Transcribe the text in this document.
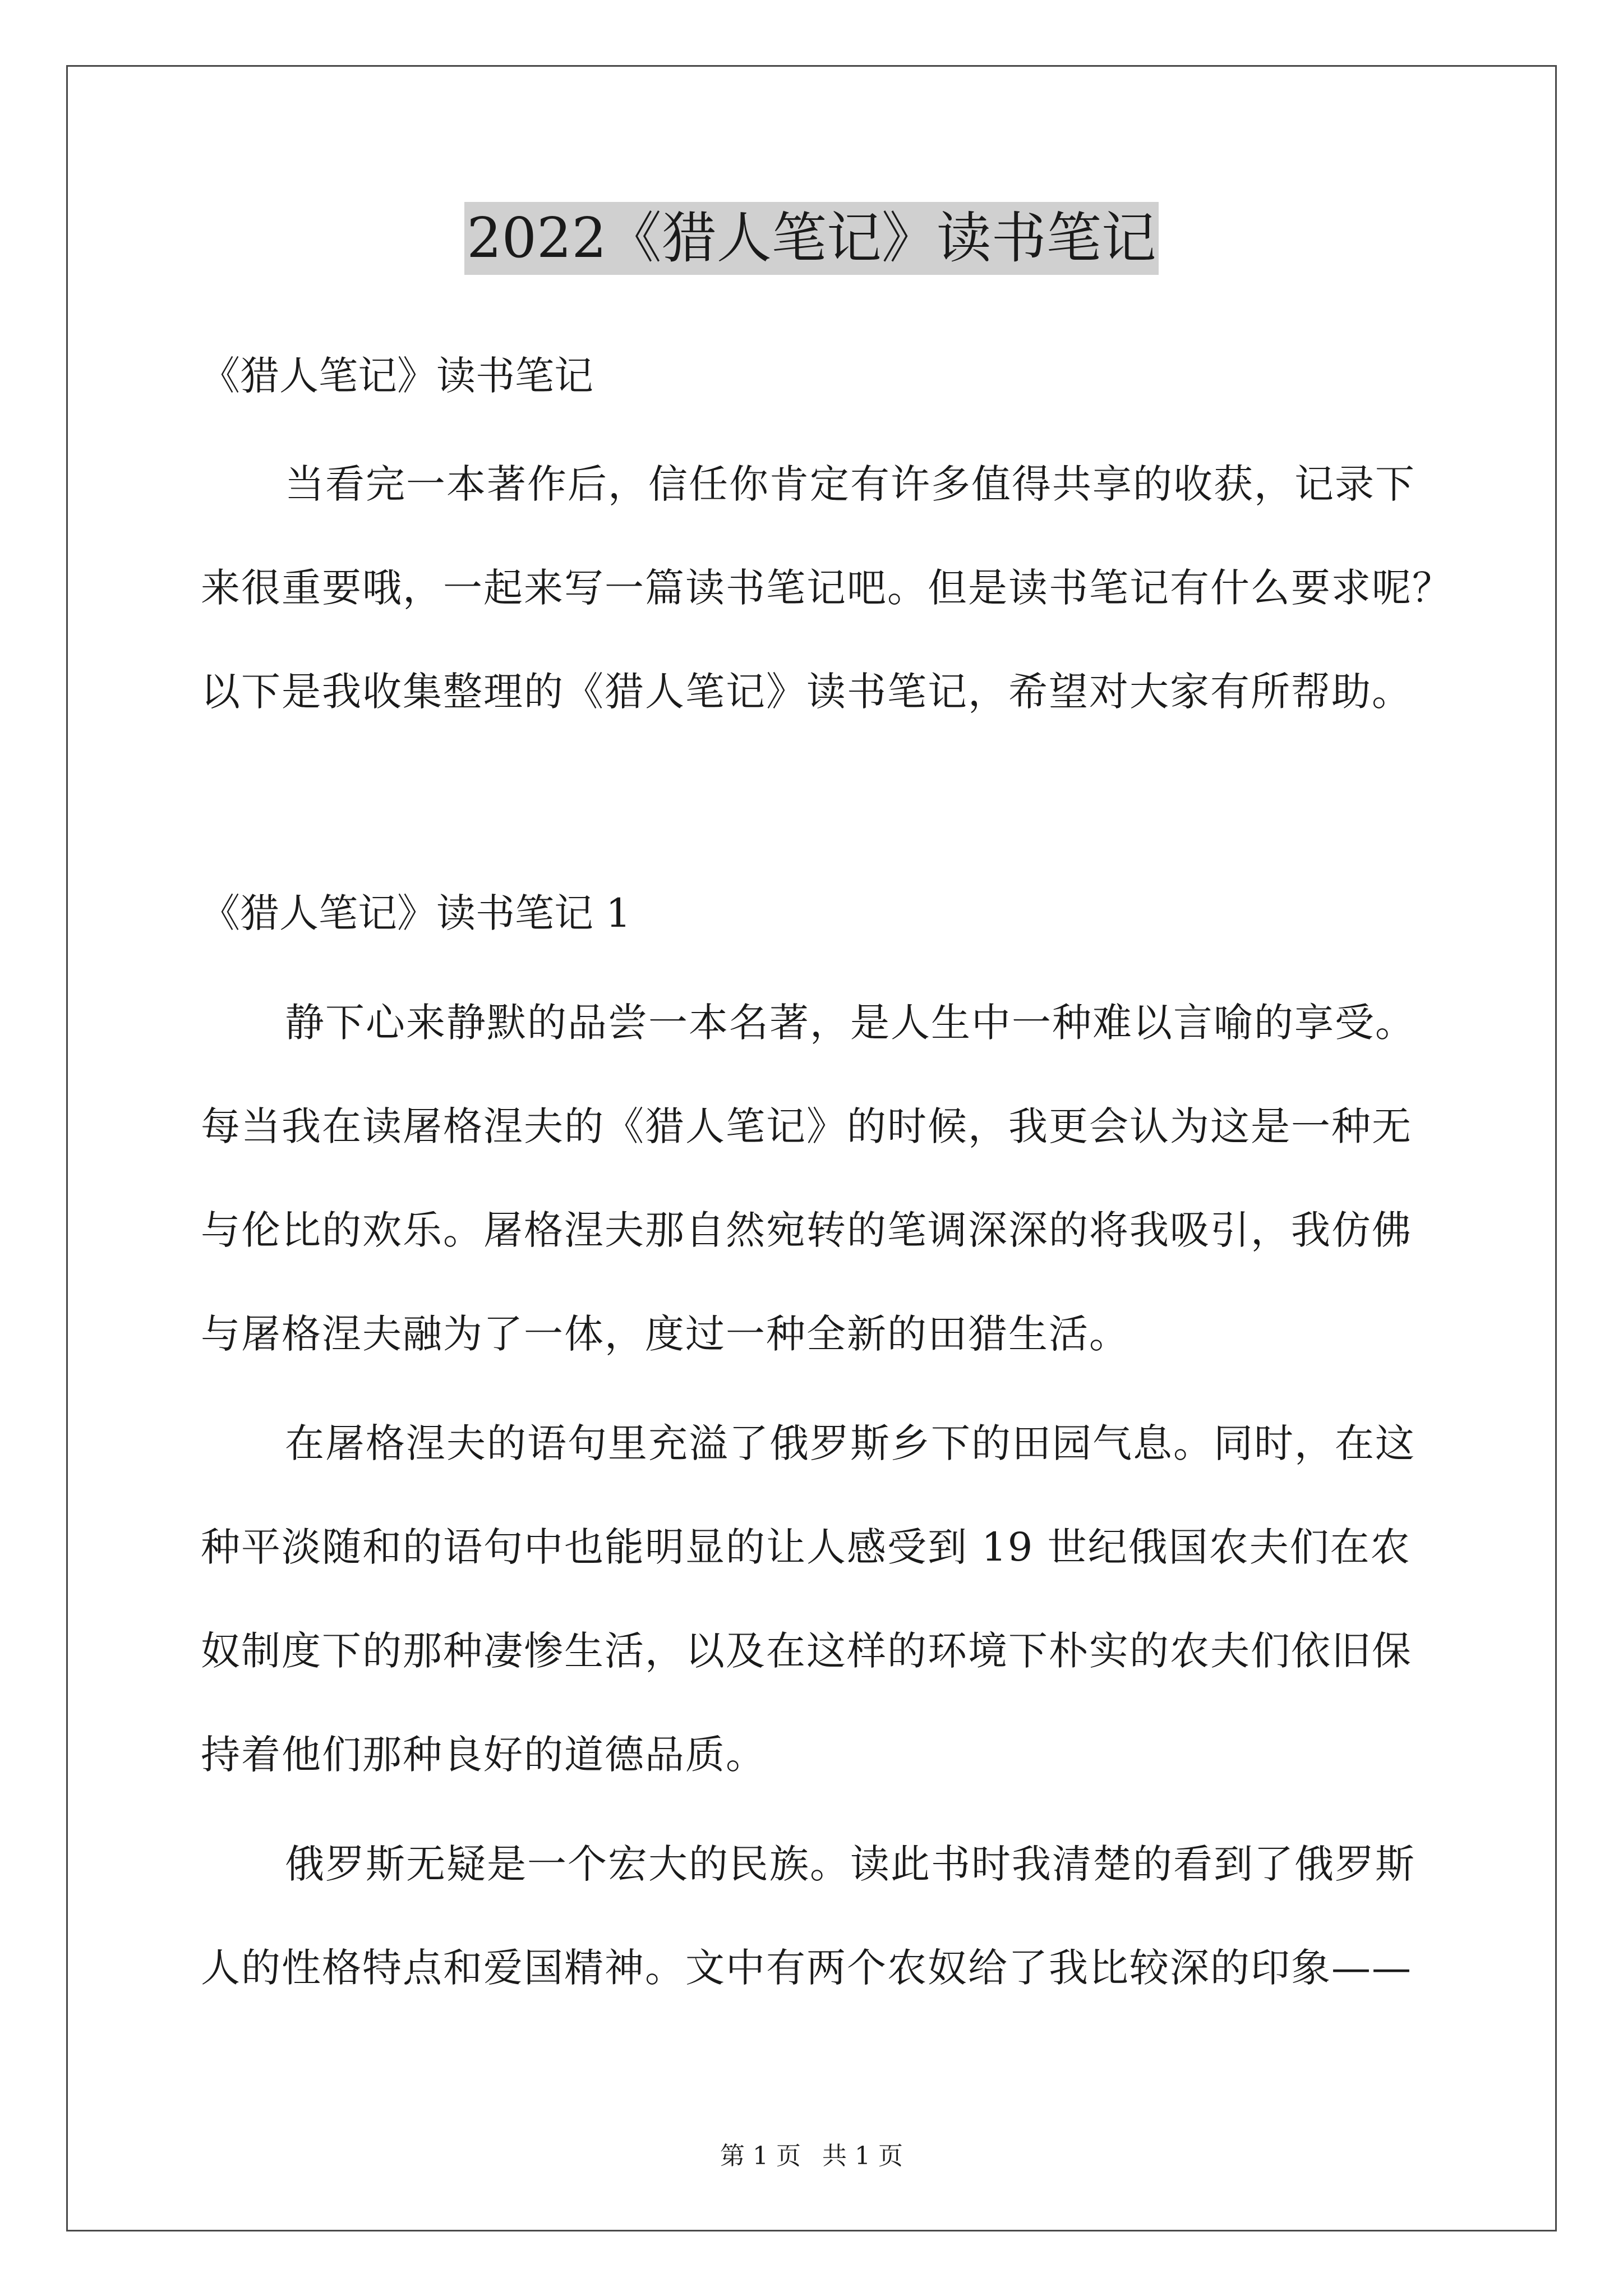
2022《猎人笔记》读书笔记
《猎人笔记》读书笔记
当看完一本著作后，信任你肯定有许多值得共享的收获，记录下
来很重要哦，一起来写一篇读书笔记吧。但是读书笔记有什么要求呢？
以下是我收集整理的《猎人笔记》读书笔记，希望对大家有所帮助。
《猎人笔记》读书笔记 1
静下心来静默的品尝一本名著，是人生中一种难以言喻的享受。
每当我在读屠格涅夫的《猎人笔记》的时候，我更会认为这是一种无
与伦比的欢乐。屠格涅夫那自然宛转的笔调深深的将我吸引，我仿佛
与屠格涅夫融为了一体，度过一种全新的田猎生活。
在屠格涅夫的语句里充溢了俄罗斯乡下的田园气息。同时，在这
种平淡随和的语句中也能明显的让人感受到 19 世纪俄国农夫们在农
奴制度下的那种凄惨生活，以及在这样的环境下朴实的农夫们依旧保
持着他们那种良好的道德品质。
俄罗斯无疑是一个宏大的民族。读此书时我清楚的看到了俄罗斯
人的性格特点和爱国精神。文中有两个农奴给了我比较深的印象——
第 1 页 共 1 页
